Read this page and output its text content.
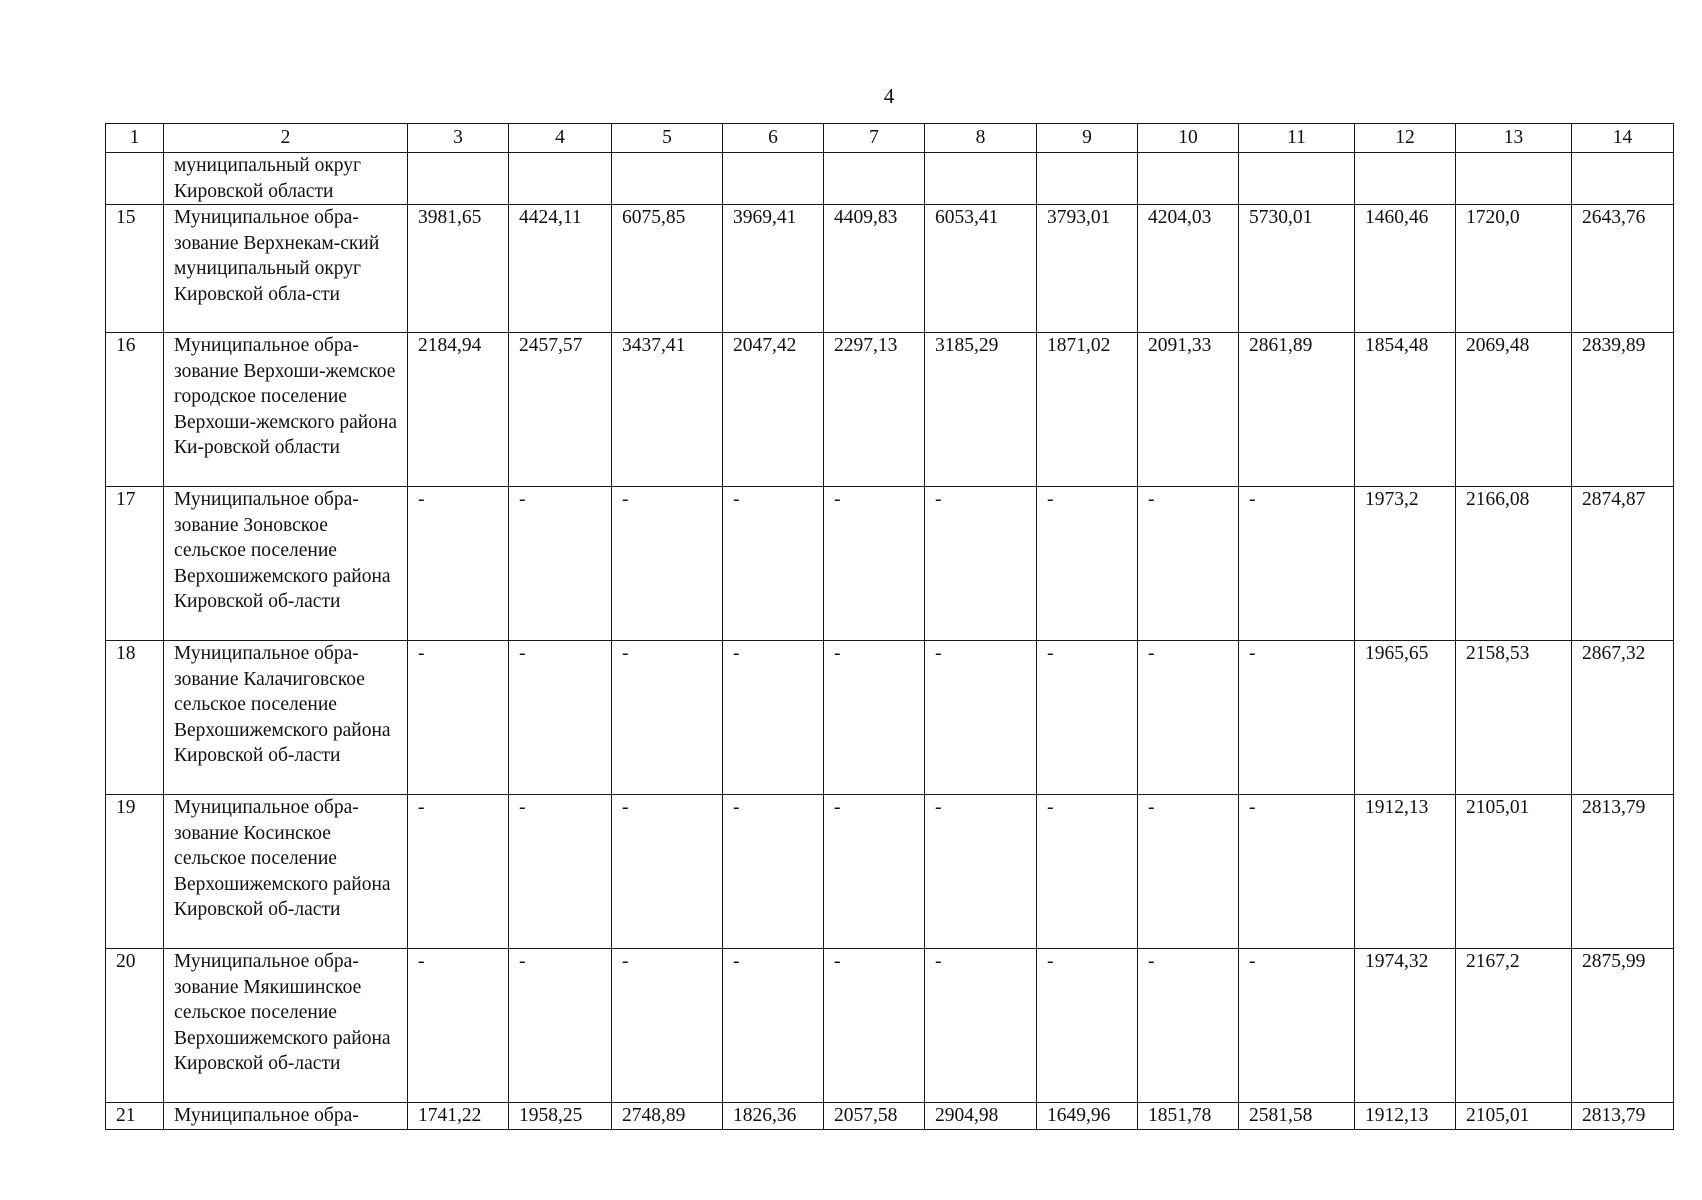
4
1	2	3	4	5	6	7	8	9	10	11	12	13	14
	муниципальный округ Кировской области												
15	Муниципальное обра-зование Верхнекам-ский муниципальный округ Кировской обла-сти	3981,65	4424,11	6075,85	3969,41	4409,83	6053,41	3793,01	4204,03	5730,01	1460,46	1720,0	2643,76
16	Муниципальное обра-зование Верхоши-жемское городское поселение Верхоши-жемского района Ки-ровской области	2184,94	2457,57	3437,41	2047,42	2297,13	3185,29	1871,02	2091,33	2861,89	1854,48	2069,48	2839,89
17	Муниципальное обра-зование Зоновское сельское поселение Верхошижемского района Кировской об-ласти	-	-	-	-	-	-	-	-	-	1973,2	2166,08	2874,87
18	Муниципальное обра-зование Калачиговское сельское поселение Верхошижемского района Кировской об-ласти	-	-	-	-	-	-	-	-	-	1965,65	2158,53	2867,32
19	Муниципальное обра-зование Косинское сельское поселение Верхошижемского района Кировской об-ласти	-	-	-	-	-	-	-	-	-	1912,13	2105,01	2813,79
20	Муниципальное обра-зование Мякишинское сельское поселение Верхошижемского района Кировской об-ласти	-	-	-	-	-	-	-	-	-	1974,32	2167,2	2875,99
21	Муниципальное обра-	1741,22	1958,25	2748,89	1826,36	2057,58	2904,98	1649,96	1851,78	2581,58	1912,13	2105,01	2813,79
